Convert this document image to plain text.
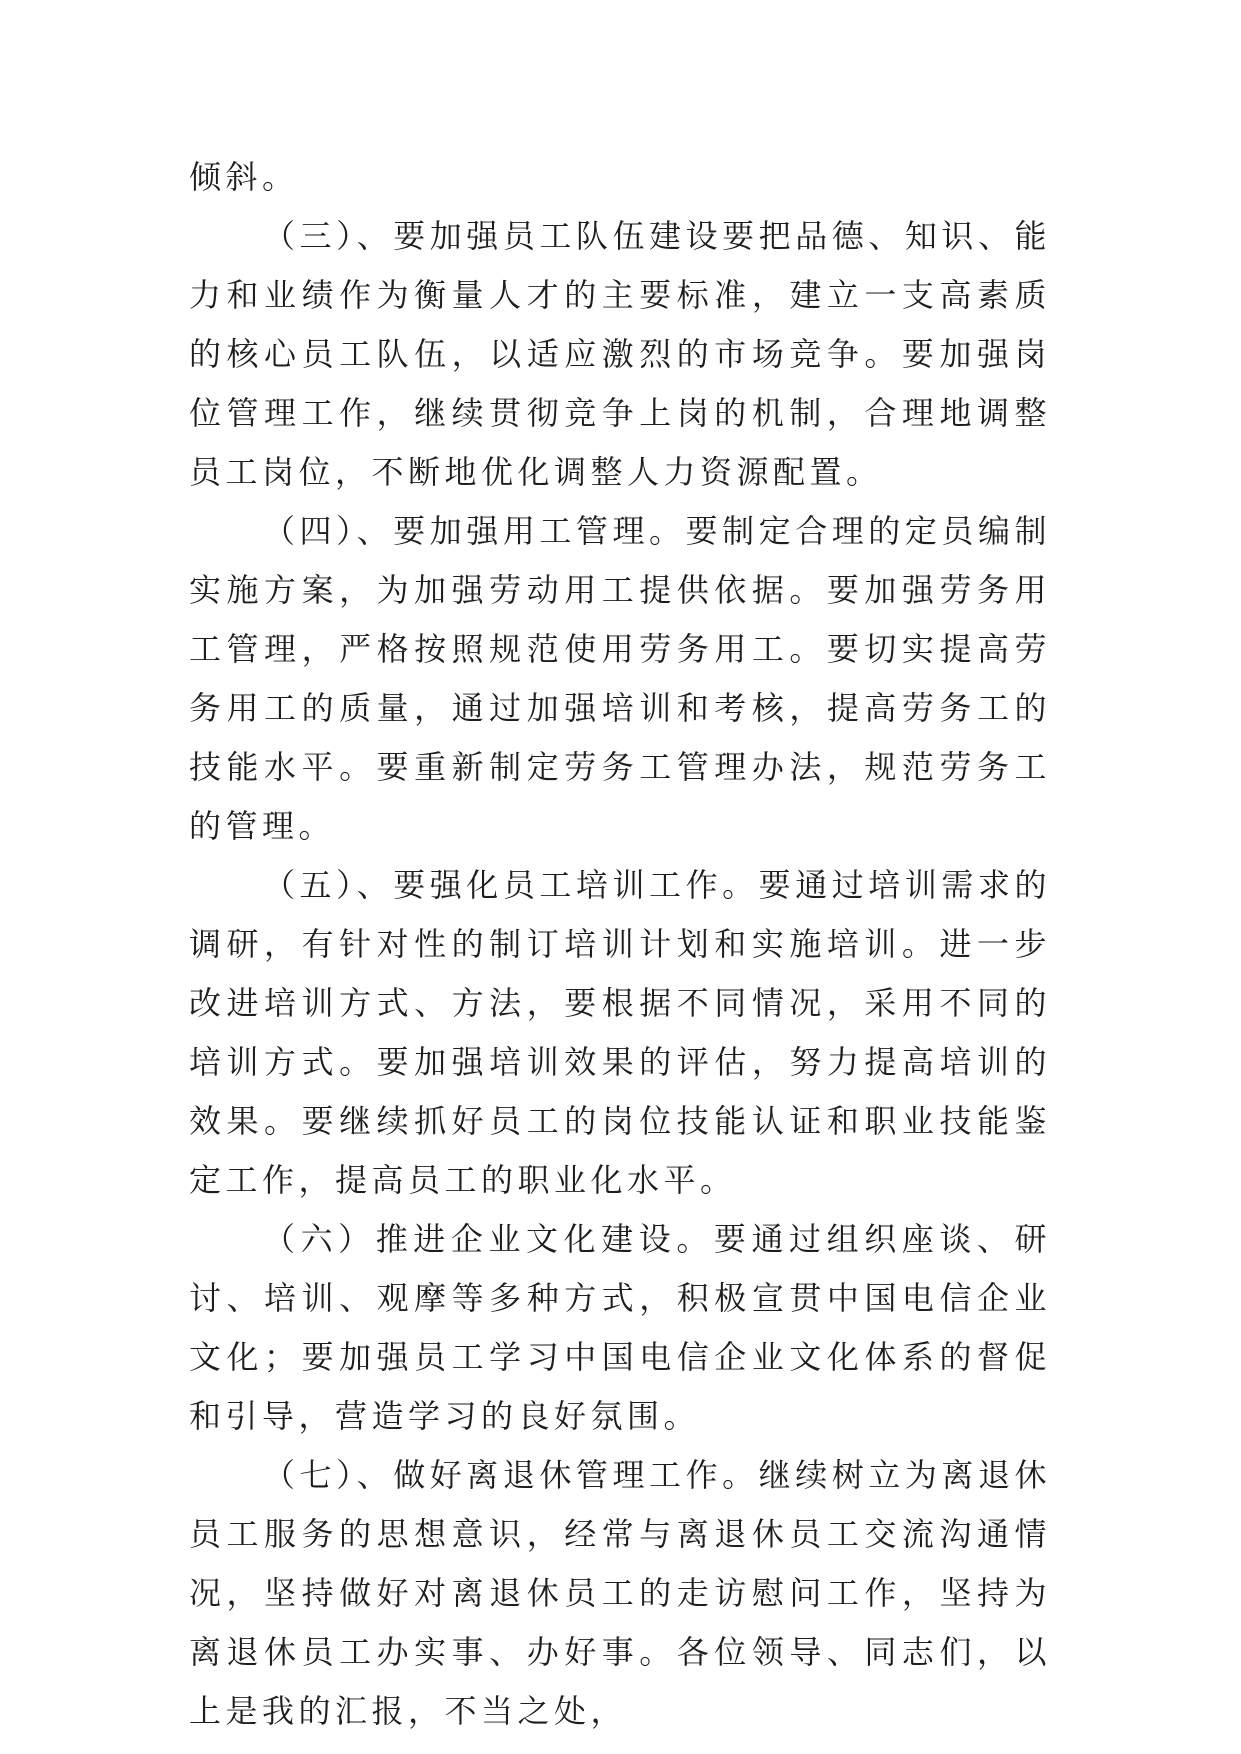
倾斜。

（三）、要加强员工队伍建设要把品德、知识、能力和业绩作为衡量人才的主要标准，建立一支高素质的核心员工队伍，以适应激烈的市场竞争。要加强岗位管理工作，继续贯彻竞争上岗的机制，合理地调整员工岗位，不断地优化调整人力资源配置。

（四）、要加强用工管理。要制定合理的定员编制实施方案，为加强劳动用工提供依据。要加强劳务用工管理，严格按照规范使用劳务用工。要切实提高劳务用工的质量，通过加强培训和考核，提高劳务工的技能水平。要重新制定劳务工管理办法，规范劳务工的管理。

（五）、要强化员工培训工作。要通过培训需求的调研，有针对性的制订培训计划和实施培训。进一步改进培训方式、方法，要根据不同情况，采用不同的培训方式。要加强培训效果的评估，努力提高培训的效果。要继续抓好员工的岗位技能认证和职业技能鉴定工作，提高员工的职业化水平。

（六）推进企业文化建设。要通过组织座谈、研讨、培训、观摩等多种方式，积极宣贯中国电信企业文化；要加强员工学习中国电信企业文化体系的督促和引导，营造学习的良好氛围。

（七）、做好离退休管理工作。继续树立为离退休员工服务的思想意识，经常与离退休员工交流沟通情况，坚持做好对离退休员工的走访慰问工作，坚持为离退休员工办实事、办好事。各位领导、同志们，以上是我的汇报，不当之处，
